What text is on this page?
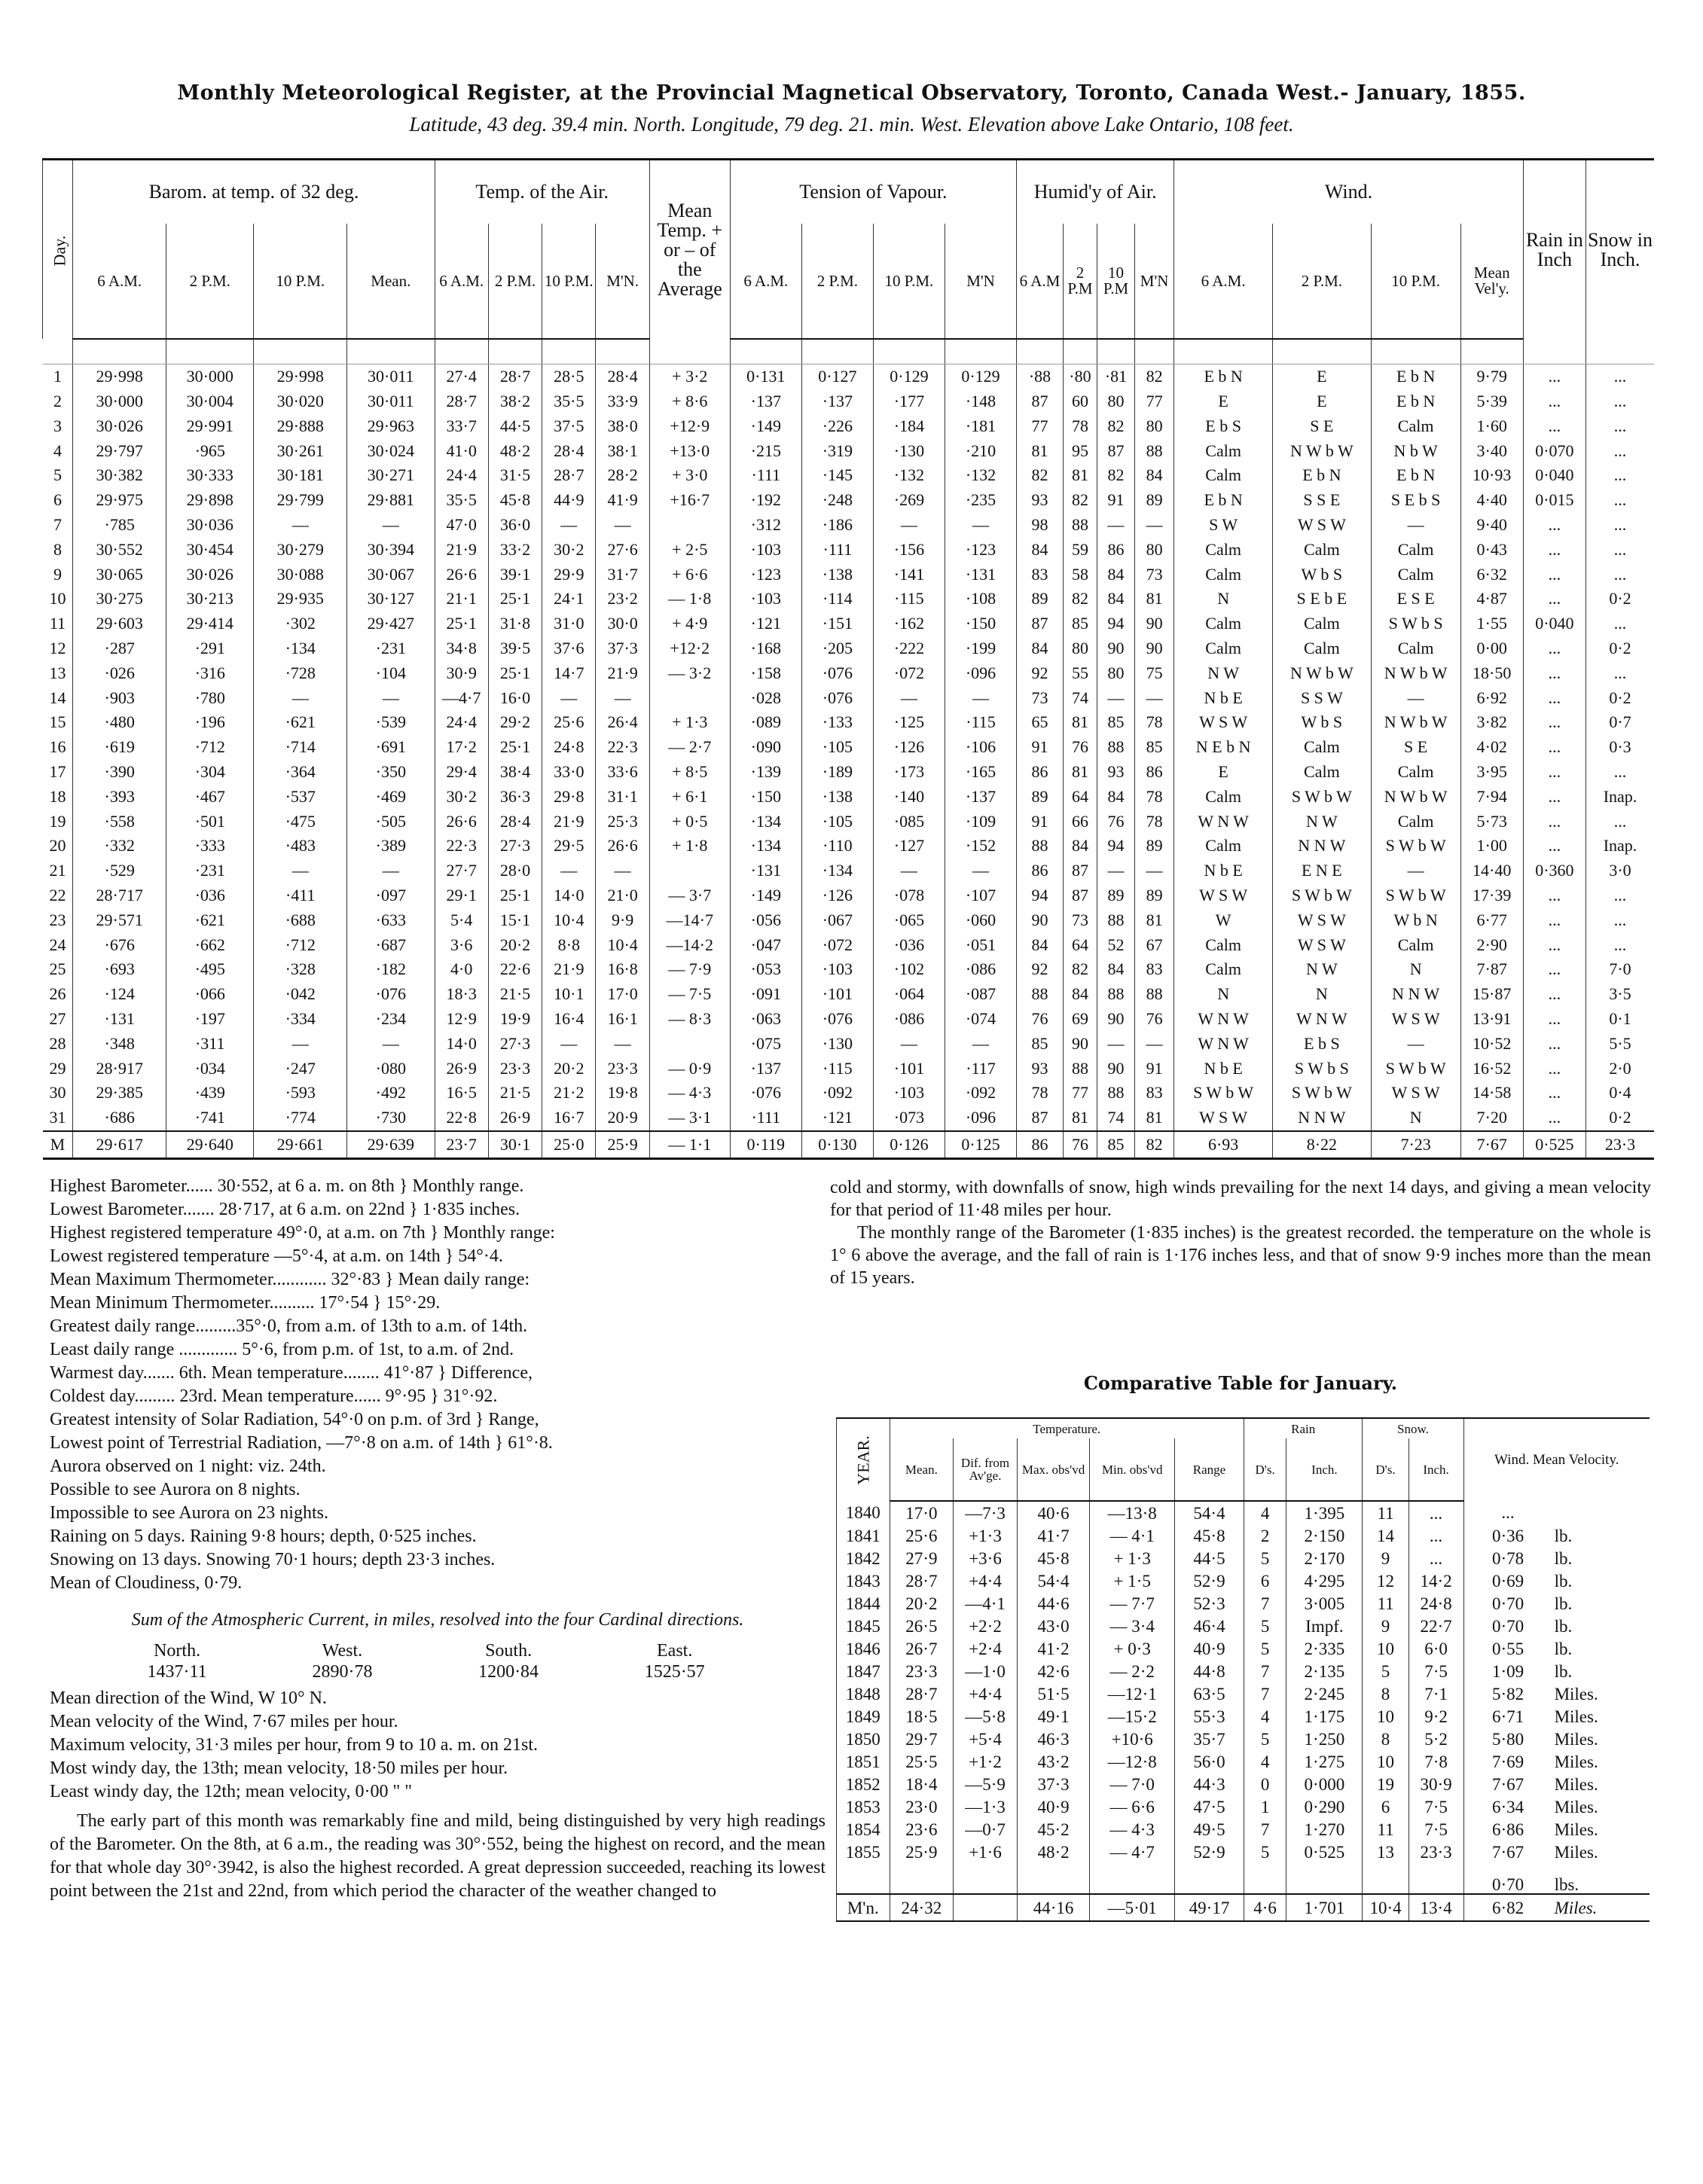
Monthly Meteorological Register, at the Provincial Magnetical Observatory, Toronto, Canada West.- January, 1855.
Latitude, 43 deg. 39.4 min. North. Longitude, 79 deg. 21. min. West. Elevation above Lake Ontario, 108 feet.
Day.	Barom. at temp. of 32 deg.				Temp. of the Air.				Mean Temp. + or – of the Average	Tension of Vapour.				Humid'y of Air.				Wind.				Rain in Inch	Snow in Inch.
	6 A.M.	2 P.M.	10 P.M.	Mean.	6 A.M.	2 P.M.	10 P.M.	M'N.		6 A.M.	2 P.M.	10 P.M.	M'N	6 A.M	2 P.M	10 P.M	M'N	6 A.M.	2 P.M.	10 P.M.	Mean Vel'y.		

1	29·998	30·000	29·998	30·011	27·4	28·7	28·5	28·4	+ 3·2	0·131	0·127	0·129	0·129	·88	·80	·81	82	E b N	E	E b N	9·79	...	...
2	30·000	30·004	30·020	30·011	28·7	38·2	35·5	33·9	+ 8·6	·137	·137	·177	·148	87	60	80	77	E	E	E b N	5·39	...	...
3	30·026	29·991	29·888	29·963	33·7	44·5	37·5	38·0	+12·9	·149	·226	·184	·181	77	78	82	80	E b S	S E	Calm	1·60	...	...
4	29·797	·965	30·261	30·024	41·0	48·2	28·4	38·1	+13·0	·215	·319	·130	·210	81	95	87	88	Calm	N W b W	N b W	3·40	0·070	...
5	30·382	30·333	30·181	30·271	24·4	31·5	28·7	28·2	+ 3·0	·111	·145	·132	·132	82	81	82	84	Calm	E b N	E b N	10·93	0·040	...
6	29·975	29·898	29·799	29·881	35·5	45·8	44·9	41·9	+16·7	·192	·248	·269	·235	93	82	91	89	E b N	S S E	S E b S	4·40	0·015	...
7	·785	30·036	—	—	47·0	36·0	—	—		·312	·186	—	—	98	88	—	—	S W	W S W	—	9·40	...	...
8	30·552	30·454	30·279	30·394	21·9	33·2	30·2	27·6	+ 2·5	·103	·111	·156	·123	84	59	86	80	Calm	Calm	Calm	0·43	...	...
9	30·065	30·026	30·088	30·067	26·6	39·1	29·9	31·7	+ 6·6	·123	·138	·141	·131	83	58	84	73	Calm	W b S	Calm	6·32	...	...
10	30·275	30·213	29·935	30·127	21·1	25·1	24·1	23·2	— 1·8	·103	·114	·115	·108	89	82	84	81	N	S E b E	E S E	4·87	...	0·2
11	29·603	29·414	·302	29·427	25·1	31·8	31·0	30·0	+ 4·9	·121	·151	·162	·150	87	85	94	90	Calm	Calm	S W b S	1·55	0·040	...
12	·287	·291	·134	·231	34·8	39·5	37·6	37·3	+12·2	·168	·205	·222	·199	84	80	90	90	Calm	Calm	Calm	0·00	...	0·2
13	·026	·316	·728	·104	30·9	25·1	14·7	21·9	— 3·2	·158	·076	·072	·096	92	55	80	75	N W	N W b W	N W b W	18·50	...	...
14	·903	·780	—	—	—4·7	16·0	—	—		·028	·076	—	—	73	74	—	—	N b E	S S W	—	6·92	...	0·2
15	·480	·196	·621	·539	24·4	29·2	25·6	26·4	+ 1·3	·089	·133	·125	·115	65	81	85	78	W S W	W b S	N W b W	3·82	...	0·7
16	·619	·712	·714	·691	17·2	25·1	24·8	22·3	— 2·7	·090	·105	·126	·106	91	76	88	85	N E b N	Calm	S E	4·02	...	0·3
17	·390	·304	·364	·350	29·4	38·4	33·0	33·6	+ 8·5	·139	·189	·173	·165	86	81	93	86	E	Calm	Calm	3·95	...	...
18	·393	·467	·537	·469	30·2	36·3	29·8	31·1	+ 6·1	·150	·138	·140	·137	89	64	84	78	Calm	S W b W	N W b W	7·94	...	Inap.
19	·558	·501	·475	·505	26·6	28·4	21·9	25·3	+ 0·5	·134	·105	·085	·109	91	66	76	78	W N W	N W	Calm	5·73	...	...
20	·332	·333	·483	·389	22·3	27·3	29·5	26·6	+ 1·8	·134	·110	·127	·152	88	84	94	89	Calm	N N W	S W b W	1·00	...	Inap.
21	·529	·231	—	—	27·7	28·0	—	—		·131	·134	—	—	86	87	—	—	N b E	E N E	—	14·40	0·360	3·0
22	28·717	·036	·411	·097	29·1	25·1	14·0	21·0	— 3·7	·149	·126	·078	·107	94	87	89	89	W S W	S W b W	S W b W	17·39	...	...
23	29·571	·621	·688	·633	5·4	15·1	10·4	9·9	—14·7	·056	·067	·065	·060	90	73	88	81	W	W S W	W b N	6·77	...	...
24	·676	·662	·712	·687	3·6	20·2	8·8	10·4	—14·2	·047	·072	·036	·051	84	64	52	67	Calm	W S W	Calm	2·90	...	...
25	·693	·495	·328	·182	4·0	22·6	21·9	16·8	— 7·9	·053	·103	·102	·086	92	82	84	83	Calm	N W	N	7·87	...	7·0
26	·124	·066	·042	·076	18·3	21·5	10·1	17·0	— 7·5	·091	·101	·064	·087	88	84	88	88	N	N	N N W	15·87	...	3·5
27	·131	·197	·334	·234	12·9	19·9	16·4	16·1	— 8·3	·063	·076	·086	·074	76	69	90	76	W N W	W N W	W S W	13·91	...	0·1
28	·348	·311	—	—	14·0	27·3	—	—		·075	·130	—	—	85	90	—	—	W N W	E b S	—	10·52	...	5·5
29	28·917	·034	·247	·080	26·9	23·3	20·2	23·3	— 0·9	·137	·115	·101	·117	93	88	90	91	N b E	S W b S	S W b W	16·52	...	2·0
30	29·385	·439	·593	·492	16·5	21·5	21·2	19·8	— 4·3	·076	·092	·103	·092	78	77	88	83	S W b W	S W b W	W S W	14·58	...	0·4
31	·686	·741	·774	·730	22·8	26·9	16·7	20·9	— 3·1	·111	·121	·073	·096	87	81	74	81	W S W	N N W	N	7·20	...	0·2
M	29·617	29·640	29·661	29·639	23·7	30·1	25·0	25·9	— 1·1	0·119	0·130	0·126	0·125	86	76	85	82	6·93	8·22	7·23	7·67	0·525	23·3
Highest Barometer...... 30·552, at 6 a. m. on 8th } Monthly range.
Lowest Barometer....... 28·717, at 6 a.m. on 22nd } 1·835 inches.
Highest registered temperature 49°·0, at a.m. on 7th } Monthly range:
Lowest registered temperature —5°·4, at a.m. on 14th } 54°·4.
Mean Maximum Thermometer............ 32°·83 } Mean daily range:
Mean Minimum Thermometer.......... 17°·54 } 15°·29.
Greatest daily range.........35°·0, from a.m. of 13th to a.m. of 14th.
Least daily range ............. 5°·6, from p.m. of 1st, to a.m. of 2nd.
Warmest day....... 6th. Mean temperature........ 41°·87 } Difference,
Coldest day......... 23rd. Mean temperature...... 9°·95 } 31°·92.
Greatest intensity of Solar Radiation, 54°·0 on p.m. of 3rd } Range,
Lowest point of Terrestrial Radiation, —7°·8 on a.m. of 14th } 61°·8.
Aurora observed on 1 night: viz. 24th.
Possible to see Aurora on 8 nights.
Impossible to see Aurora on 23 nights.
Raining on 5 days. Raining 9·8 hours; depth, 0·525 inches.
Snowing on 13 days. Snowing 70·1 hours; depth 23·3 inches.
Mean of Cloudiness, 0·79.
Sum of the Atmospheric Current, in miles, resolved into the four Cardinal directions.
North.	West.	South.	East.
1437·11	2890·78	1200·84	1525·57
Mean direction of the Wind, W 10° N.
Mean velocity of the Wind, 7·67 miles per hour.
Maximum velocity, 31·3 miles per hour, from 9 to 10 a. m. on 21st.
Most windy day, the 13th; mean velocity, 18·50 miles per hour.
Least windy day, the 12th; mean velocity, 0·00 " "

The early part of this month was remarkably fine and mild, being distinguished by very high readings of the Barometer. On the 8th, at 6 a.m., the reading was 30°·552, being the highest on record, and the mean for that whole day 30°·3942, is also the highest recorded. A great depression succeeded, reaching its lowest point between the 21st and 22nd, from which period the character of the weather changed to

cold and stormy, with downfalls of snow, high winds prevailing for the next 14 days, and giving a mean velocity for that period of 11·48 miles per hour.

The monthly range of the Barometer (1·835 inches) is the greatest recorded. the temperature on the whole is 1° 6 above the average, and the fall of rain is 1·176 inches less, and that of snow 9·9 inches more than the mean of 15 years.

Comparative Table for January.
YEAR.	Temperature.					Rain		Snow.		Wind. Mean Velocity.	
	Mean.	Dif. from Av'ge.	Max. obs'vd	Min. obs'vd	Range	D's.	Inch.	D's.	Inch.		
1840	17·0	—7·3	40·6	—13·8	54·4	4	1·395	11	...	...	
1841	25·6	+1·3	41·7	— 4·1	45·8	2	2·150	14	...	0·36	lb.
1842	27·9	+3·6	45·8	+ 1·3	44·5	5	2·170	9	...	0·78	lb.
1843	28·7	+4·4	54·4	+ 1·5	52·9	6	4·295	12	14·2	0·69	lb.
1844	20·2	—4·1	44·6	— 7·7	52·3	7	3·005	11	24·8	0·70	lb.
1845	26·5	+2·2	43·0	— 3·4	46·4	5	Impf.	9	22·7	0·70	lb.
1846	26·7	+2·4	41·2	+ 0·3	40·9	5	2·335	10	6·0	0·55	lb.
1847	23·3	—1·0	42·6	— 2·2	44·8	7	2·135	5	7·5	1·09	lb.
1848	28·7	+4·4	51·5	—12·1	63·5	7	2·245	8	7·1	5·82	Miles.
1849	18·5	—5·8	49·1	—15·2	55·3	4	1·175	10	9·2	6·71	Miles.
1850	29·7	+5·4	46·3	+10·6	35·7	5	1·250	8	5·2	5·80	Miles.
1851	25·5	+1·2	43·2	—12·8	56·0	4	1·275	10	7·8	7·69	Miles.
1852	18·4	—5·9	37·3	— 7·0	44·3	0	0·000	19	30·9	7·67	Miles.
1853	23·0	—1·3	40·9	— 6·6	47·5	1	0·290	6	7·5	6·34	Miles.
1854	23·6	—0·7	45·2	— 4·3	49·5	7	1·270	11	7·5	6·86	Miles.
1855	25·9	+1·6	48·2	— 4·7	52·9	5	0·525	13	23·3	7·67	Miles.
										0·70	lbs.
M'n.	24·32		44·16	—5·01	49·17	4·6	1·701	10·4	13·4	6·82	Miles.
